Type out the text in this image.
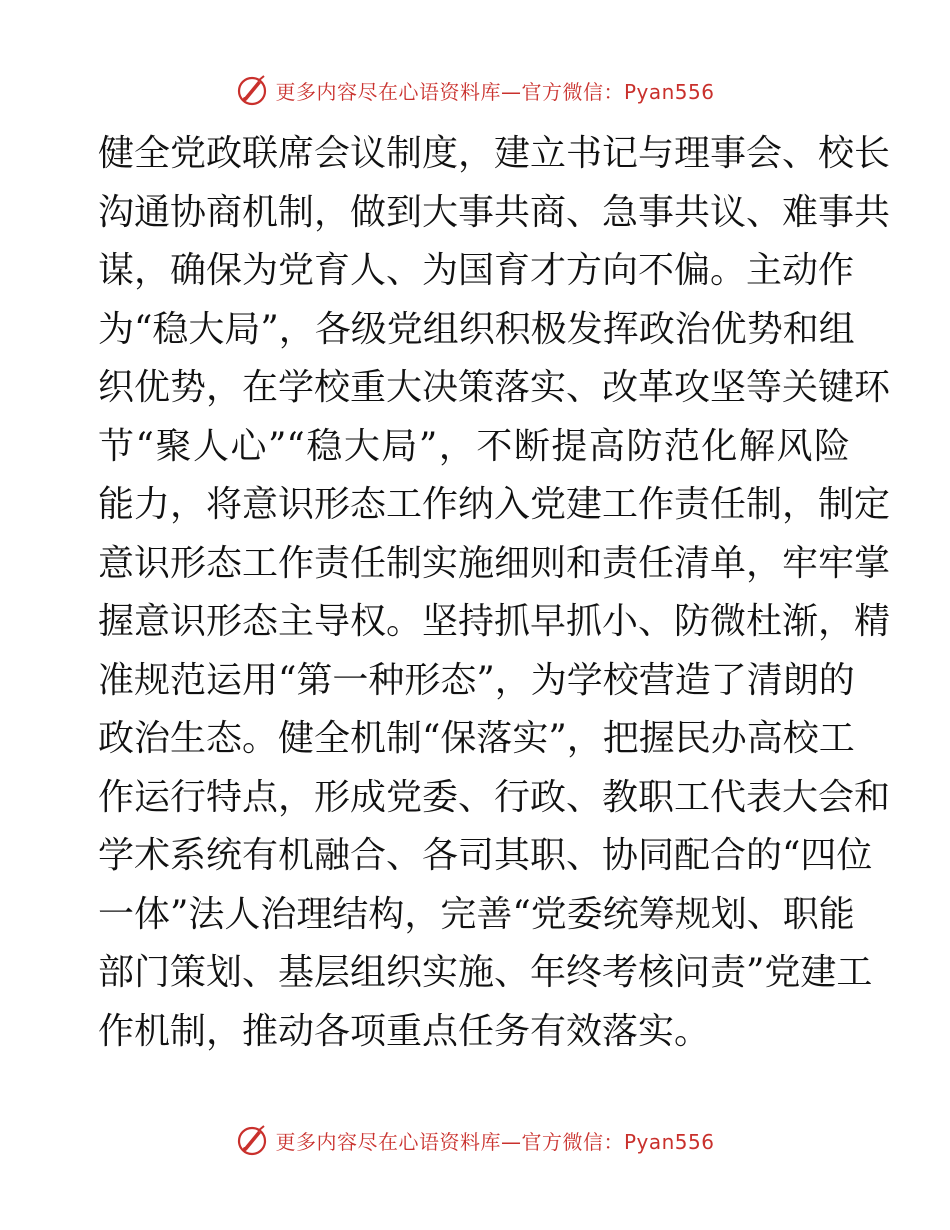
更多内容尽在心语资料库—官方微信：Pyan556
健全党政联席会议制度，建立书记与理事会、校长
沟通协商机制，做到大事共商、急事共议、难事共
谋，确保为党育人、为国育才方向不偏。主动作
为“稳大局”，各级党组织积极发挥政治优势和组
织优势，在学校重大决策落实、改革攻坚等关键环
节“聚人心”“稳大局”，不断提高防范化解风险
能力，将意识形态工作纳入党建工作责任制，制定
意识形态工作责任制实施细则和责任清单，牢牢掌
握意识形态主导权。坚持抓早抓小、防微杜渐，精
准规范运用“第一种形态”，为学校营造了清朗的
政治生态。健全机制“保落实”，把握民办高校工
作运行特点，形成党委、行政、教职工代表大会和
学术系统有机融合、各司其职、协同配合的“四位
一体”法人治理结构，完善“党委统筹规划、职能
部门策划、基层组织实施、年终考核问责”党建工
作机制，推动各项重点任务有效落实。
更多内容尽在心语资料库—官方微信：Pyan556
